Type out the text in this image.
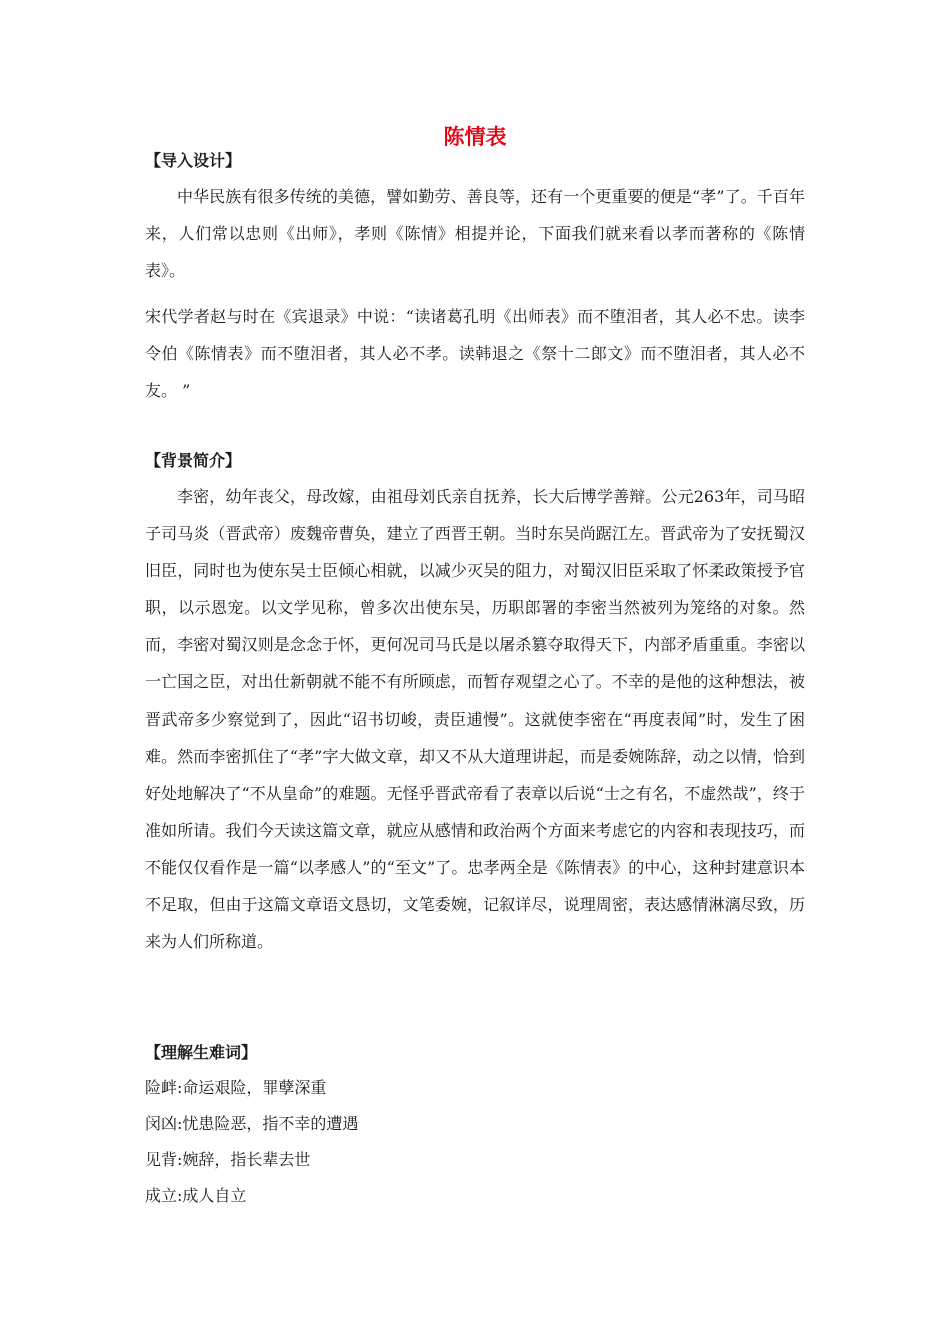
陈情表
【导入设计】
中华民族有很多传统的美德，譬如勤劳、善良等，还有一个更重要的便是“孝”了。千百年来，人们常以忠则《出师》，孝则《陈情》相提并论，下面我们就来看以孝而著称的《陈情表》。
宋代学者赵与时在《宾退录》中说：“读诸葛孔明《出师表》而不堕泪者，其人必不忠。读李令伯《陈情表》而不堕泪者，其人必不孝。读韩退之《祭十二郎文》而不堕泪者，其人必不友。 ”
【背景简介】
李密，幼年丧父，母改嫁，由祖母刘氏亲自抚养，长大后博学善辩。公元263年，司马昭子司马炎（晋武帝）废魏帝曹奂，建立了西晋王朝。当时东吴尚踞江左。晋武帝为了安抚蜀汉旧臣，同时也为使东吴士臣倾心相就，以减少灭吴的阻力，对蜀汉旧臣采取了怀柔政策授予官职，以示恩宠。以文学见称，曾多次出使东吴，历职郎署的李密当然被列为笼络的对象。然而，李密对蜀汉则是念念于怀，更何况司马氏是以屠杀篡夺取得天下，内部矛盾重重。李密以一亡国之臣，对出仕新朝就不能不有所顾虑，而暂存观望之心了。不幸的是他的这种想法，被晋武帝多少察觉到了，因此“诏书切峻，责臣逋慢”。这就使李密在“再度表闻”时，发生了困难。然而李密抓住了“孝”字大做文章，却又不从大道理讲起，而是委婉陈辞，动之以情，恰到好处地解决了“不从皇命”的难题。无怪乎晋武帝看了表章以后说“士之有名，不虚然哉”，终于准如所请。我们今天读这篇文章，就应从感情和政治两个方面来考虑它的内容和表现技巧，而不能仅仅看作是一篇“以孝感人”的“至文”了。忠孝两全是《陈情表》的中心，这种封建意识本不足取，但由于这篇文章语文恳切，文笔委婉，记叙详尽，说理周密，表达感情淋漓尽致，历来为人们所称道。
【理解生难词】
险衅:命运艰险，罪孽深重
闵凶:忧患险恶，指不幸的遭遇
见背:婉辞，指长辈去世
成立:成人自立
